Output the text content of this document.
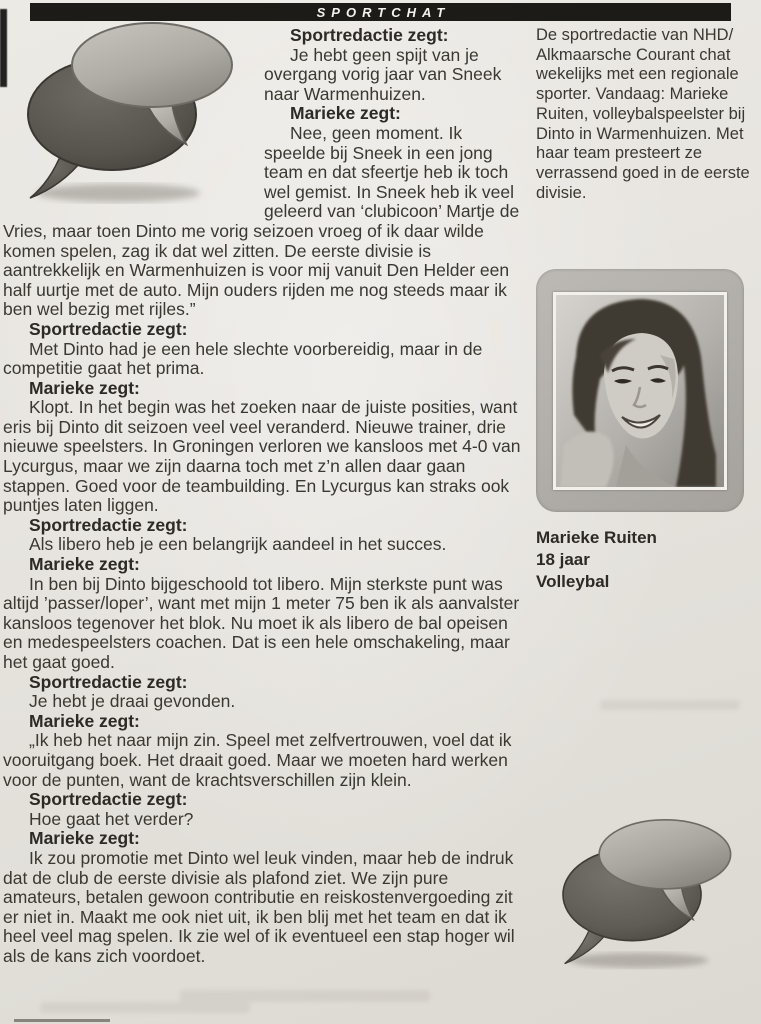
SPORTCHAT
Sportredactie zegt:
Je hebt geen spijt van je overgang vorig jaar van Sneek naar Warmenhuizen.
Marieke zegt:
Nee, geen moment. Ik speelde bij Sneek in een jong team en dat sfeertje heb ik toch wel gemist. In Sneek heb ik veel geleerd van ‘clubicoon’ Martje de Vries, maar toen Dinto me vorig seizoen vroeg of ik daar wilde komen spelen, zag ik dat wel zitten. De eerste divisie is aantrekkelijk en Warmenhuizen is voor mij vanuit Den Helder een half uurtje met de auto. Mijn ouders rijden me nog steeds maar ik ben wel bezig met rijles.”
Sportredactie zegt:
Met Dinto had je een hele slechte voorbereidig, maar in de competitie gaat het prima.
Marieke zegt:
Klopt. In het begin was het zoeken naar de juiste posities, want eris bij Dinto dit seizoen veel veel veranderd. Nieuwe trainer, drie nieuwe speelsters. In Groningen verloren we kansloos met 4-0 van Lycurgus, maar we zijn daarna toch met z’n allen daar gaan stappen. Goed voor de teambuilding. En Lycurgus kan straks ook puntjes laten liggen.
Sportredactie zegt:
Als libero heb je een belangrijk aandeel in het succes.
Marieke zegt:
In ben bij Dinto bijgeschoold tot libero. Mijn sterkste punt was altijd ’passer/loper’, want met mijn 1 meter 75 ben ik als aanvalster kansloos tegenover het blok. Nu moet ik als libero de bal opeisen en medespeelsters coachen. Dat is een hele omschakeling, maar het gaat goed.
Sportredactie zegt:
Je hebt je draai gevonden.
Marieke zegt:
„Ik heb het naar mijn zin. Speel met zelfvertrouwen, voel dat ik vooruitgang boek. Het draait goed. Maar we moeten hard werken voor de punten, want de krachtsverschillen zijn klein.
Sportredactie zegt:
Hoe gaat het verder?
Marieke zegt:
Ik zou promotie met Dinto wel leuk vinden, maar heb de indruk dat de club de eerste divisie als plafond ziet. We zijn pure amateurs, betalen gewoon contributie en reiskostenvergoeding zit er niet in. Maakt me ook niet uit, ik ben blij met het team en dat ik heel veel mag spelen. Ik zie wel of ik eventueel een stap hoger wil als de kans zich voordoet.

De sportredactie van NHD/ Alkmaarsche Courant chat wekelijks met een regionale sporter. Vandaag: Marieke Ruiten, volleybalspeelster bij Dinto in Warmenhuizen. Met haar team presteert ze verrassend goed in de eerste divisie.

Marieke Ruiten
18 jaar
Volleybal
